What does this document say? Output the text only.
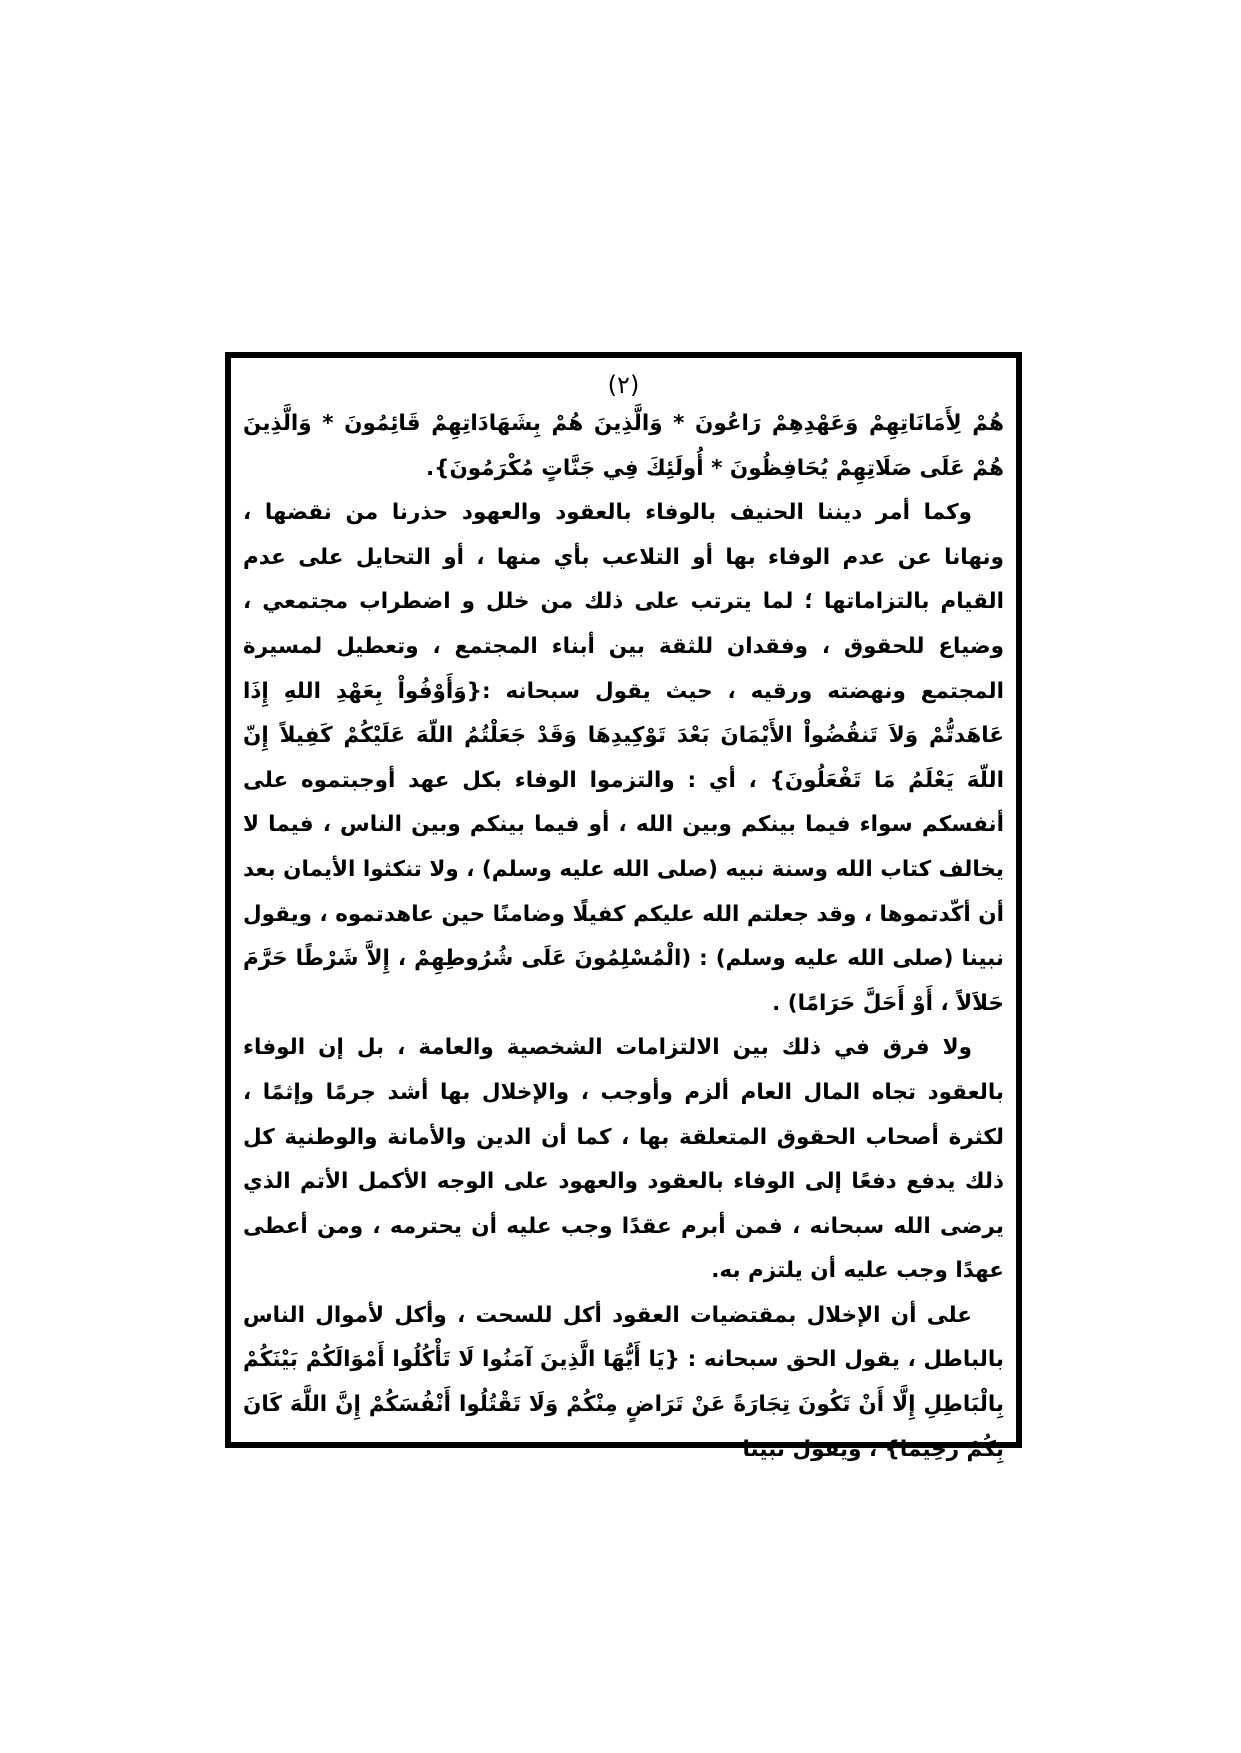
(٢)

هُمْ لِأَمَانَاتِهِمْ وَعَهْدِهِمْ رَاعُونَ * وَالَّذِينَ هُمْ بِشَهَادَاتِهِمْ قَائِمُونَ * وَالَّذِينَ هُمْ عَلَى صَلَاتِهِمْ يُحَافِظُونَ * أُولَئِكَ فِي جَنَّاتٍ مُكْرَمُونَ}.

وكما أمر ديننا الحنيف بالوفاء بالعقود والعهود حذرنا من نقضها ، ونهانا عن عدم الوفاء بها أو التلاعب بأي منها ، أو التحايل على عدم القيام بالتزاماتها ؛ لما يترتب على ذلك من خلل و اضطراب مجتمعي ، وضياع للحقوق ، وفقدان للثقة بين أبناء المجتمع ، وتعطيل لمسيرة المجتمع ونهضته ورقيه ، حيث يقول سبحانه :{وَأَوْفُواْ بِعَهْدِ اللهِ إِذَا عَاهَدتُّمْ وَلاَ تَنقُضُواْ الأَيْمَانَ بَعْدَ تَوْكِيدِهَا وَقَدْ جَعَلْتُمُ اللّهَ عَلَيْكُمْ كَفِيلاً إِنّ اللّهَ يَعْلَمُ مَا تَفْعَلُونَ} ، أي : والتزموا الوفاء بكل عهد أوجبتموه على أنفسكم سواء فيما بينكم وبين الله ، أو فيما بينكم وبين الناس ، فيما لا يخالف كتاب الله وسنة نبيه (صلى الله عليه وسلم) ، ولا تنكثوا الأيمان بعد أن أكّدتموها ، وقد جعلتم الله عليكم كفيلًا وضامنًا حين عاهدتموه ، ويقول نبينا (صلى الله عليه وسلم) : (الْمُسْلِمُونَ عَلَى شُرُوطِهِمْ ، إِلاَّ شَرْطًا حَرَّمَ حَلاَلاً ، أَوْ أَحَلَّ حَرَامًا) .

ولا فرق في ذلك بين الالتزامات الشخصية والعامة ، بل إن الوفاء بالعقود تجاه المال العام ألزم وأوجب ، والإخلال بها أشد جرمًا وإثمًا ، لكثرة أصحاب الحقوق المتعلقة بها ، كما أن الدين والأمانة والوطنية كل ذلك يدفع دفعًا إلى الوفاء بالعقود والعهود على الوجه الأكمل الأتم الذي يرضى الله سبحانه ، فمن أبرم عقدًا وجب عليه أن يحترمه ، ومن أعطى عهدًا وجب عليه أن يلتزم به.

على أن الإخلال بمقتضيات العقود أكل للسحت ، وأكل لأموال الناس بالباطل ، يقول الحق سبحانه : {يَا أَيُّهَا الَّذِينَ آمَنُوا لَا تَأْكُلُوا أَمْوَالَكُمْ بَيْنَكُمْ بِالْبَاطِلِ إِلَّا أَنْ تَكُونَ تِجَارَةً عَنْ تَرَاضٍ مِنْكُمْ وَلَا تَقْتُلُوا أَنْفُسَكُمْ إِنَّ اللَّهَ كَانَ بِكُمْ رَحِيمًا} ، ويقول نبينا
